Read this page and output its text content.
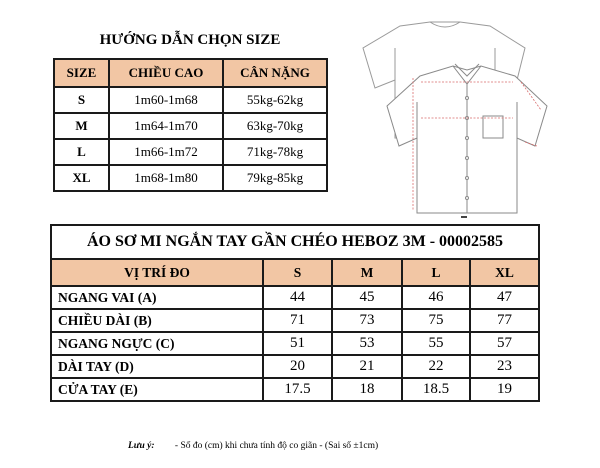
HƯỚNG DẪN CHỌN SIZE
SIZE	CHIỀU CAO	CÂN NẶNG
S	1m60-1m68	55kg-62kg
M	1m64-1m70	63kg-70kg
L	1m66-1m72	71kg-78kg
XL	1m68-1m80	79kg-85kg
ÁO SƠ MI NGẮN TAY GẦN CHÉO HEBOZ 3M - 00002585				
VỊ TRÍ ĐO	S	M	L	XL
NGANG VAI (A)	44	45	46	47
CHIỀU DÀI (B)	71	73	75	77
NGANG NGỰC (C)	51	53	55	57
DÀI TAY (D)	20	21	22	23
CỬA TAY (E)	17.5	18	18.5	19
Lưu ý: - Số đo (cm) khi chưa tính độ co giãn - (Sai số ±1cm)
